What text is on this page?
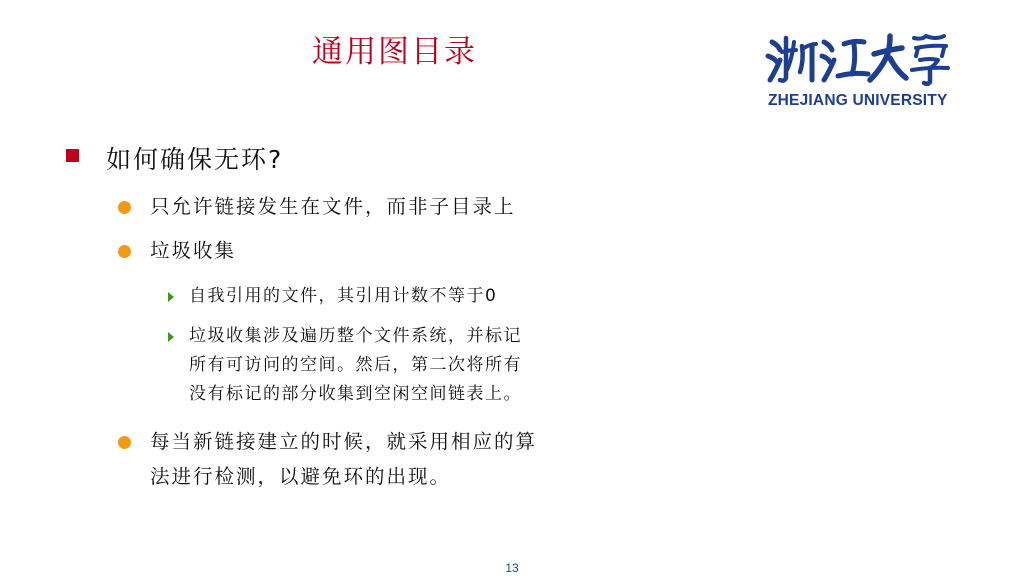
通用图目录
ZHEJIANG UNIVERSITY
如何确保无环?
只允许链接发生在文件，而非子目录上
垃圾收集
自我引用的文件，其引用计数不等于0
垃圾收集涉及遍历整个文件系统，并标记
所有可访问的空间。然后，第二次将所有
没有标记的部分收集到空闲空间链表上。
每当新链接建立的时候，就采用相应的算
法进行检测，以避免环的出现。
13
